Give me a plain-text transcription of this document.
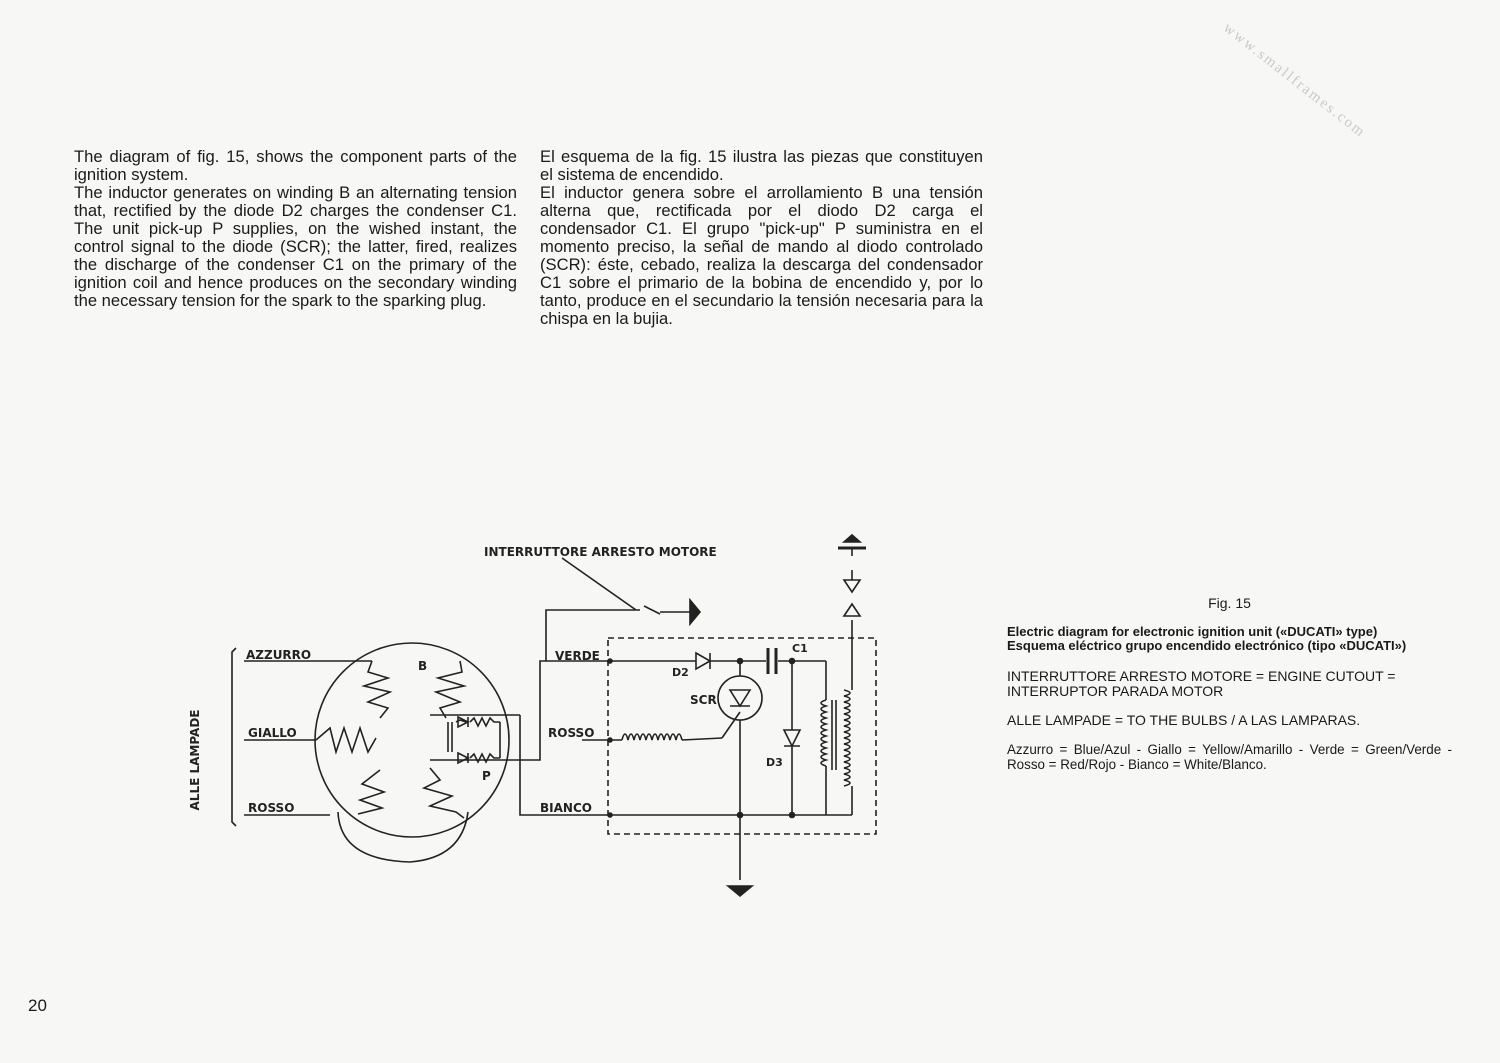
www.smallframes.com

The diagram of fig. 15, shows the component parts of the ignition system.

The inductor generates on winding B an alternating tension that, rectified by the diode D2 charges the condenser C1. The unit pick-up P supplies, on the wished instant, the control signal to the diode (SCR); the latter, fired, realizes the discharge of the condenser C1 on the primary of the ignition coil and hence produces on the secondary winding the necessary tension for the spark to the sparking plug.

El esquema de la fig. 15 ilustra las piezas que constituyen el sistema de encendido.

El inductor genera sobre el arrollamiento B una tensión alterna que, rectificada por el diodo D2 carga el condensador C1. El grupo "pick-up" P suministra en el momento preciso, la señal de mando al diodo controlado (SCR): éste, cebado, realiza la descarga del condensador C1 sobre el primario de la bobina de encendido y, por lo tanto, produce en el secundario la tensión necesaria para la chispa en la bujia.

ALLE LAMPADE
AZZURRO
GIALLO
ROSSO
VERDE
ROSSO
BIANCO
B
P
INTERRUTTORE ARRESTO MOTORE
D2
C1
SCR
D3
Fig. 15
Electric diagram for electronic ignition unit («DUCATI» type)
Esquema eléctrico grupo encendido electrónico (tipo «DUCATI»)
INTERRUTTORE ARRESTO MOTORE = ENGINE CUTOUT =
INTERRUPTOR PARADA MOTOR
ALLE LAMPADE = TO THE BULBS / A LAS LAMPARAS.
Azzurro = Blue/Azul - Giallo = Yellow/Amarillo - Verde = Green/Verde - Rosso = Red/Rojo - Bianco = White/Blanco.
20
